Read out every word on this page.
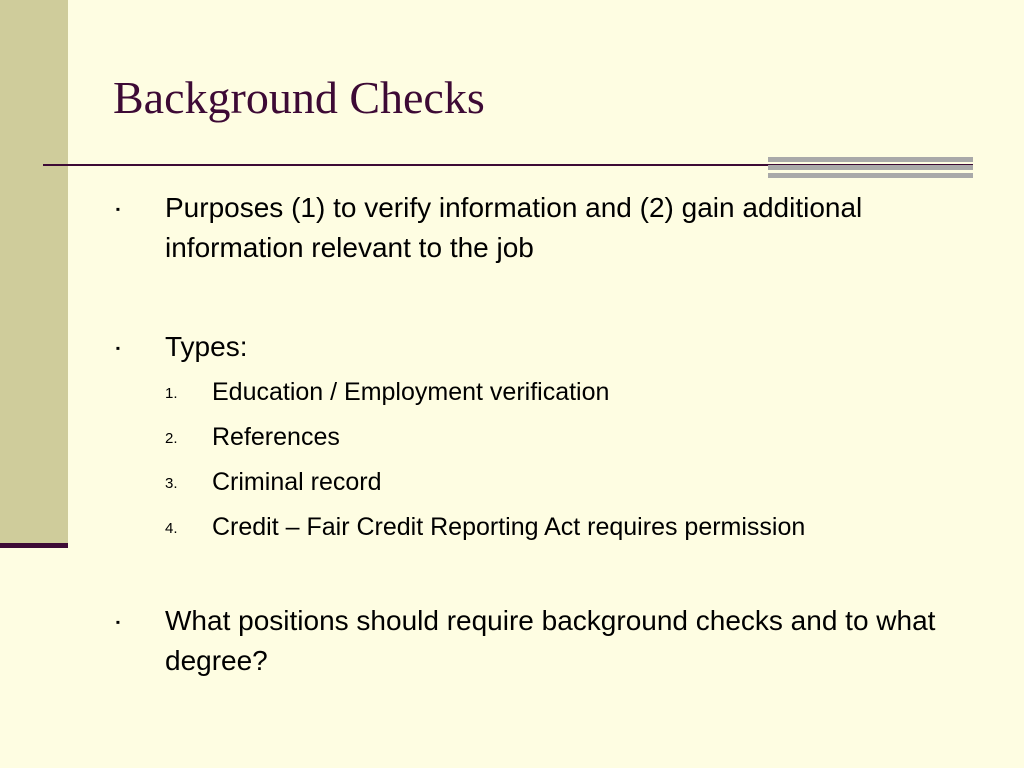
Background Checks
▪ Purposes (1) to verify information and (2) gain additional information relevant to the job

▪ Types:

1. Education / Employment verification
2. References
3. Criminal record
4. Credit – Fair Credit Reporting Act requires permission
▪ What positions should require background checks and to what degree?
